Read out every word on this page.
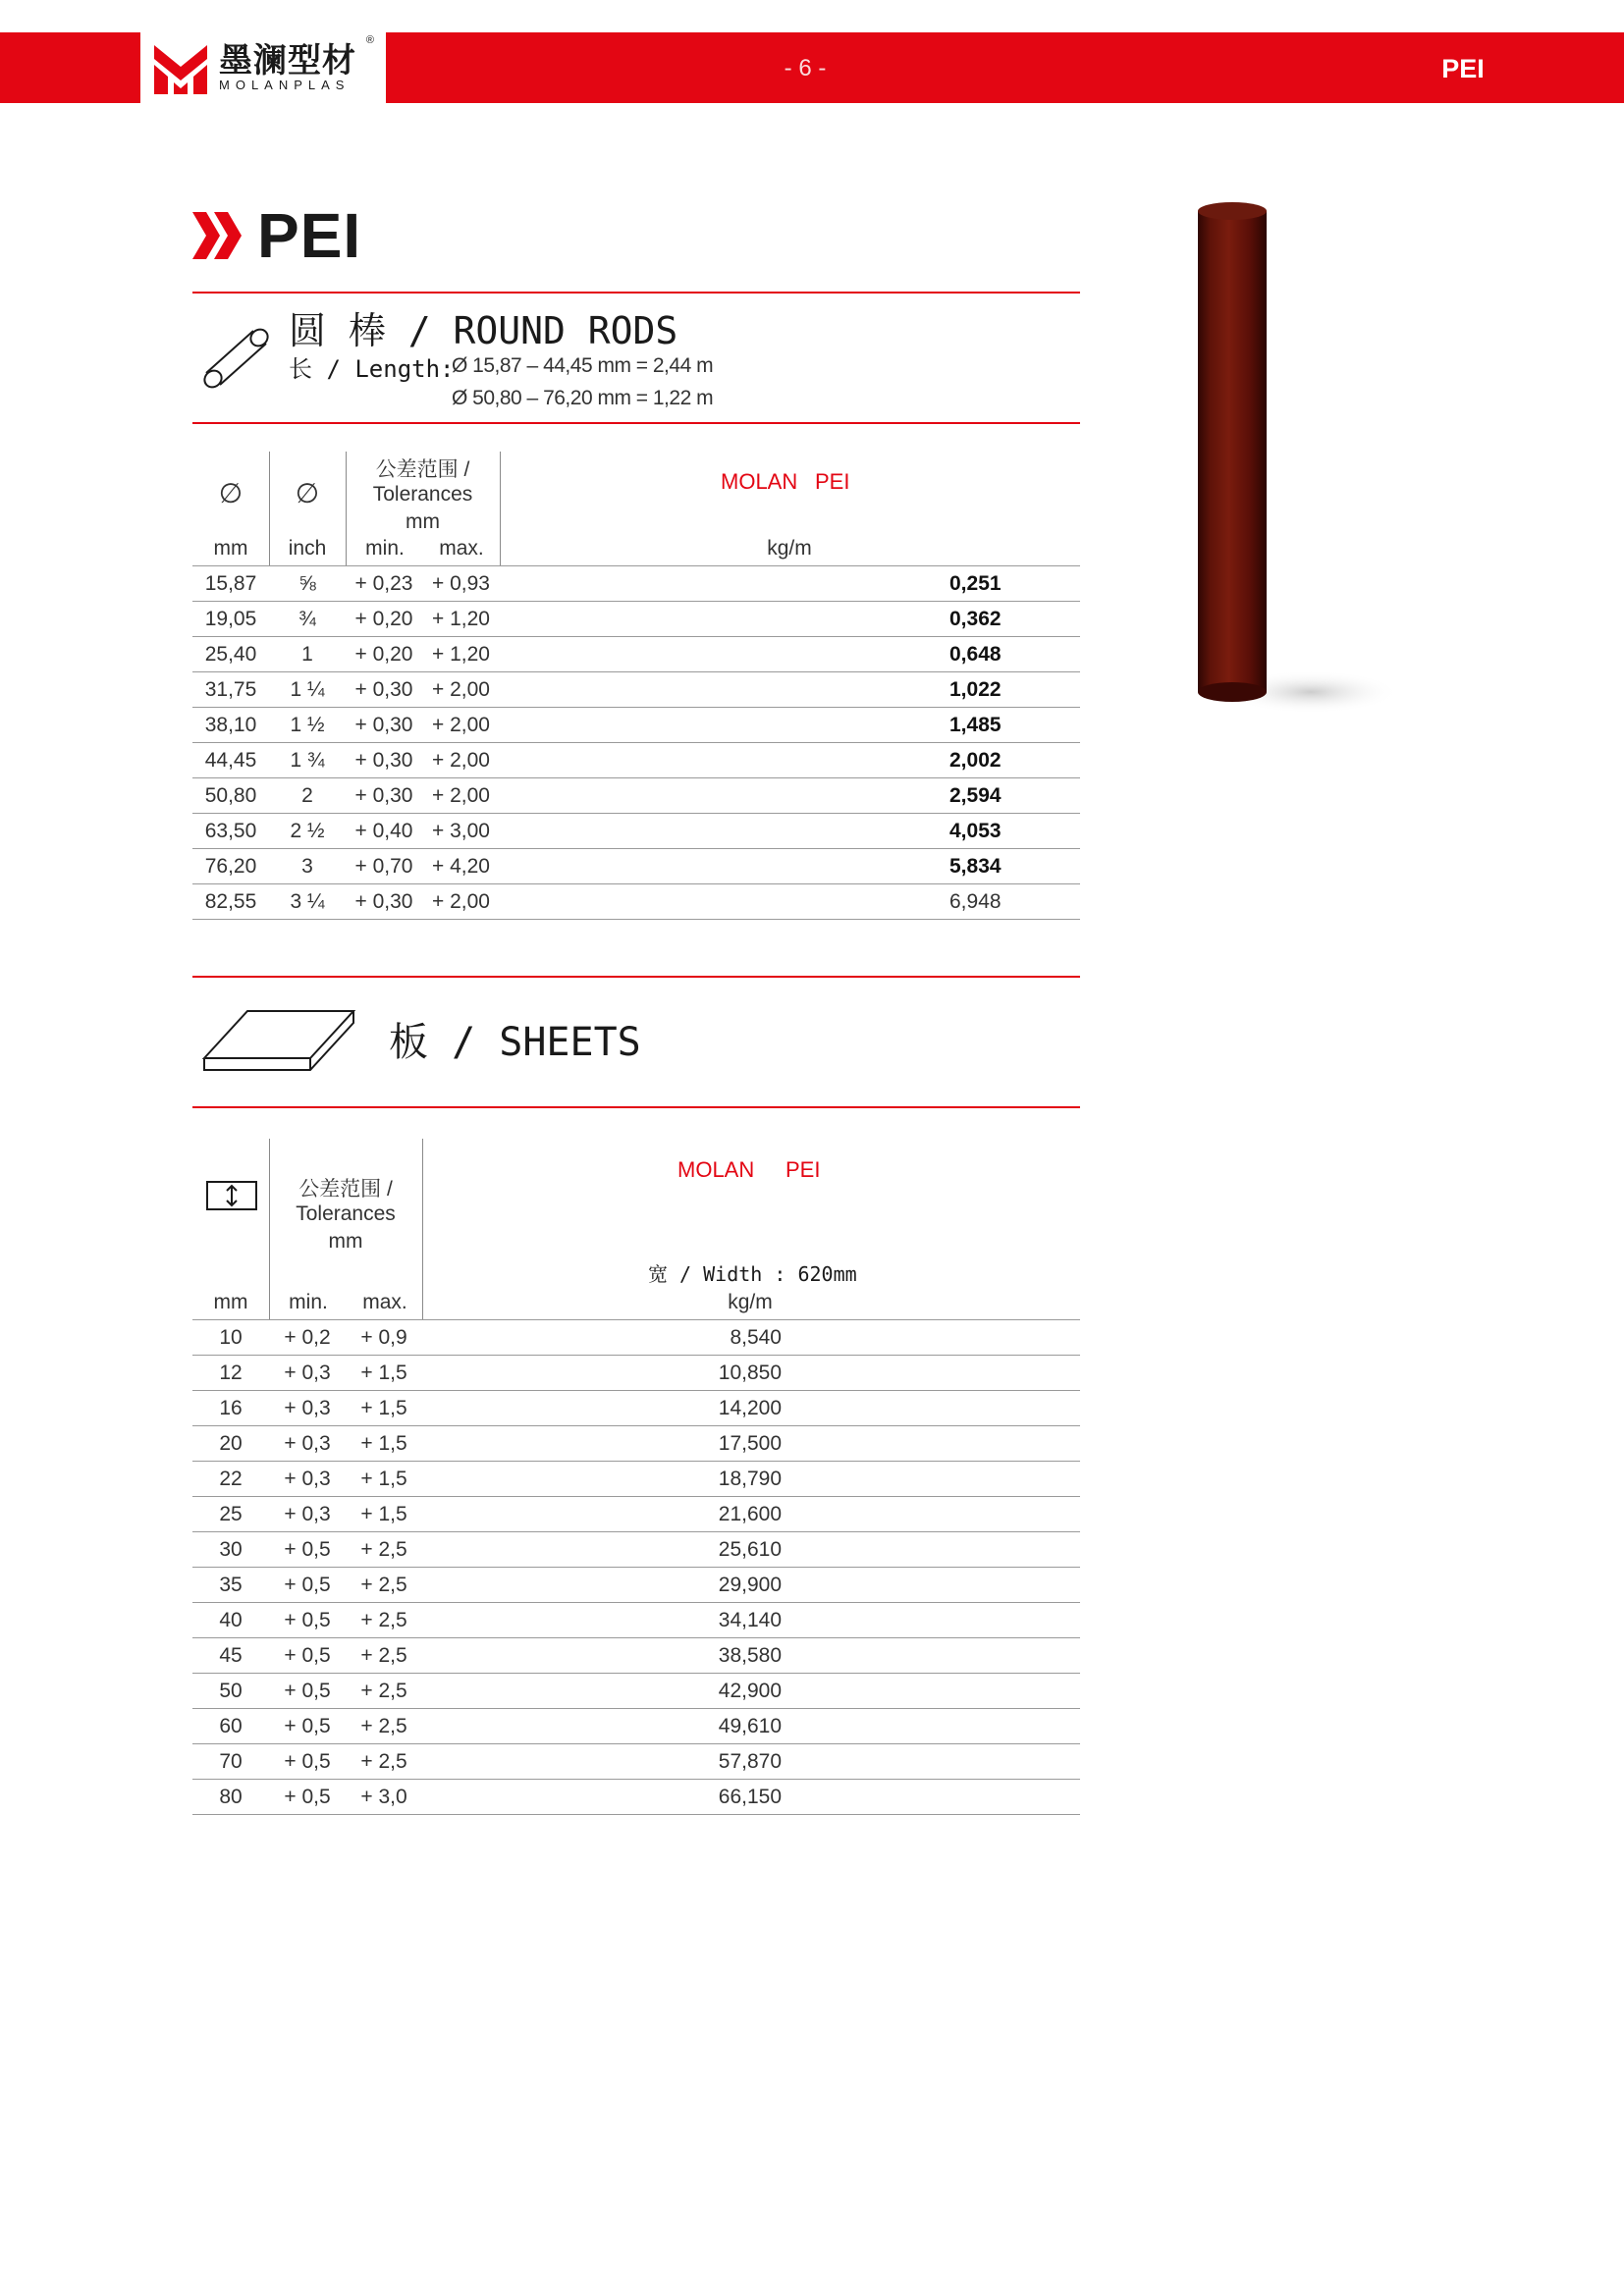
墨澜型材
MOLANPLAS
®
- 6 -	PEI
PEI
圆 棒 / ROUND RODS
长 / Length:
Ø 15,87 – 44,45 mm = 2,44 m
Ø 50,80 – 76,20 mm = 1,22 m
∅	∅
公差范围 /
Tolerances
mm
MOLAN PEI
mm	inch	min.	max.	kg/m
15,87	⅝	+ 0,23	+ 0,93	0,251
19,05	¾	+ 0,20	+ 1,20	0,362
25,40	1	+ 0,20	+ 1,20	0,648
31,75	1 ¼	+ 0,30	+ 2,00	1,022
38,10	1 ½	+ 0,30	+ 2,00	1,485
44,45	1 ¾	+ 0,30	+ 2,00	2,002
50,80	2	+ 0,30	+ 2,00	2,594
63,50	2 ½	+ 0,40	+ 3,00	4,053
76,20	3	+ 0,70	+ 4,20	5,834
82,55	3 ¼	+ 0,30	+ 2,00	6,948
板 / SHEETS
公差范围 /
Tolerances
mm
MOLAN PEI
宽 / Width : 620mm
mm	min.	max.	kg/m
10	+ 0,2	+ 0,9	8,540
12	+ 0,3	+ 1,5	10,850
16	+ 0,3	+ 1,5	14,200
20	+ 0,3	+ 1,5	17,500
22	+ 0,3	+ 1,5	18,790
25	+ 0,3	+ 1,5	21,600
30	+ 0,5	+ 2,5	25,610
35	+ 0,5	+ 2,5	29,900
40	+ 0,5	+ 2,5	34,140
45	+ 0,5	+ 2,5	38,580
50	+ 0,5	+ 2,5	42,900
60	+ 0,5	+ 2,5	49,610
70	+ 0,5	+ 2,5	57,870
80	+ 0,5	+ 3,0	66,150
